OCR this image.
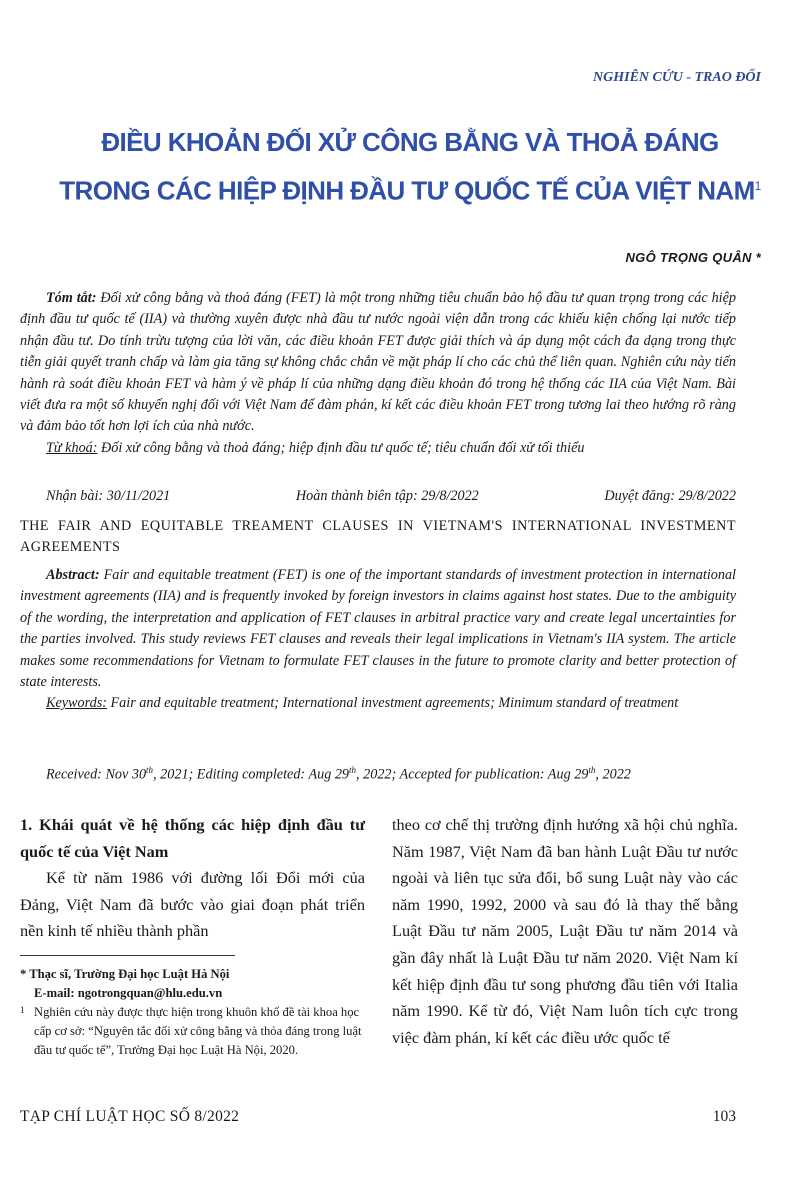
NGHIÊN CỨU - TRAO ĐỔI
ĐIỀU KHOẢN ĐỐI XỬ CÔNG BẰNG VÀ THOẢ ĐÁNG
TRONG CÁC HIỆP ĐỊNH ĐẦU TƯ QUỐC TẾ CỦA VIỆT NAM$^1$
NGÔ TRỌNG QUÂN *
Tóm tắt: Đối xử công bằng và thoả đáng (FET) là một trong những tiêu chuẩn bảo hộ đầu tư quan trọng trong các hiệp định đầu tư quốc tế (IIA) và thường xuyên được nhà đầu tư nước ngoài viện dẫn trong các khiếu kiện chống lại nước tiếp nhận đầu tư. Do tính trừu tượng của lời văn, các điều khoản FET được giải thích và áp dụng một cách đa dạng trong thực tiễn giải quyết tranh chấp và làm gia tăng sự không chắc chắn về mặt pháp lí cho các chủ thể liên quan. Nghiên cứu này tiến hành rà soát điều khoản FET và hàm ý về pháp lí của những dạng điều khoản đó trong hệ thống các IIA của Việt Nam. Bài viết đưa ra một số khuyến nghị đối với Việt Nam để đàm phán, kí kết các điều khoản FET trong tương lai theo hướng rõ ràng và đảm bảo tốt hơn lợi ích của nhà nước.
Từ khoá: Đối xử công bằng và thoả đáng; hiệp định đầu tư quốc tế; tiêu chuẩn đối xử tối thiểu
Nhận bài: 30/11/2021	Hoàn thành biên tập: 29/8/2022	Duyệt đăng: 29/8/2022
THE FAIR AND EQUITABLE TREAMENT CLAUSES IN VIETNAM'S INTERNATIONAL INVESTMENT AGREEMENTS
Abstract: Fair and equitable treatment (FET) is one of the important standards of investment protection in international investment agreements (IIA) and is frequently invoked by foreign investors in claims against host states. Due to the ambiguity of the wording, the interpretation and application of FET clauses in arbitral practice vary and create legal uncertainties for the parties involved. This study reviews FET clauses and reveals their legal implications in Vietnam's IIA system. The article makes some recommendations for Vietnam to formulate FET clauses in the future to promote clarity and better protection of state interests.
Keywords: Fair and equitable treatment; International investment agreements; Minimum standard of treatment
Received: Nov 30th, 2021; Editing completed: Aug 29th, 2022; Accepted for publication: Aug 29th, 2022
1. Khái quát về hệ thống các hiệp định đầu tư quốc tế của Việt Nam
Kể từ năm 1986 với đường lối Đổi mới của Đảng, Việt Nam đã bước vào giai đoạn phát triển nền kinh tế nhiều thành phần
theo cơ chế thị trường định hướng xã hội chủ nghĩa. Năm 1987, Việt Nam đã ban hành Luật Đầu tư nước ngoài và liên tục sửa đổi, bổ sung Luật này vào các năm 1990, 1992, 2000 và sau đó là thay thế bằng Luật Đầu tư năm 2005, Luật Đầu tư năm 2014 và gần đây nhất là Luật Đầu tư năm 2020. Việt Nam kí kết hiệp định đầu tư song phương đầu tiên với Italia năm 1990. Kể từ đó, Việt Nam luôn tích cực trong việc đàm phán, kí kết các điều ước quốc tế
* Thạc sĩ, Trường Đại học Luật Hà Nội
E-mail: ngotrongquan@hlu.edu.vn
1 Nghiên cứu này được thực hiện trong khuôn khổ đề tài khoa học cấp cơ sở: “Nguyên tắc đối xử công bằng và thỏa đáng trong luật đầu tư quốc tế”, Trường Đại học Luật Hà Nội, 2020.
TẠP CHÍ LUẬT HỌC SỐ 8/2022	103
